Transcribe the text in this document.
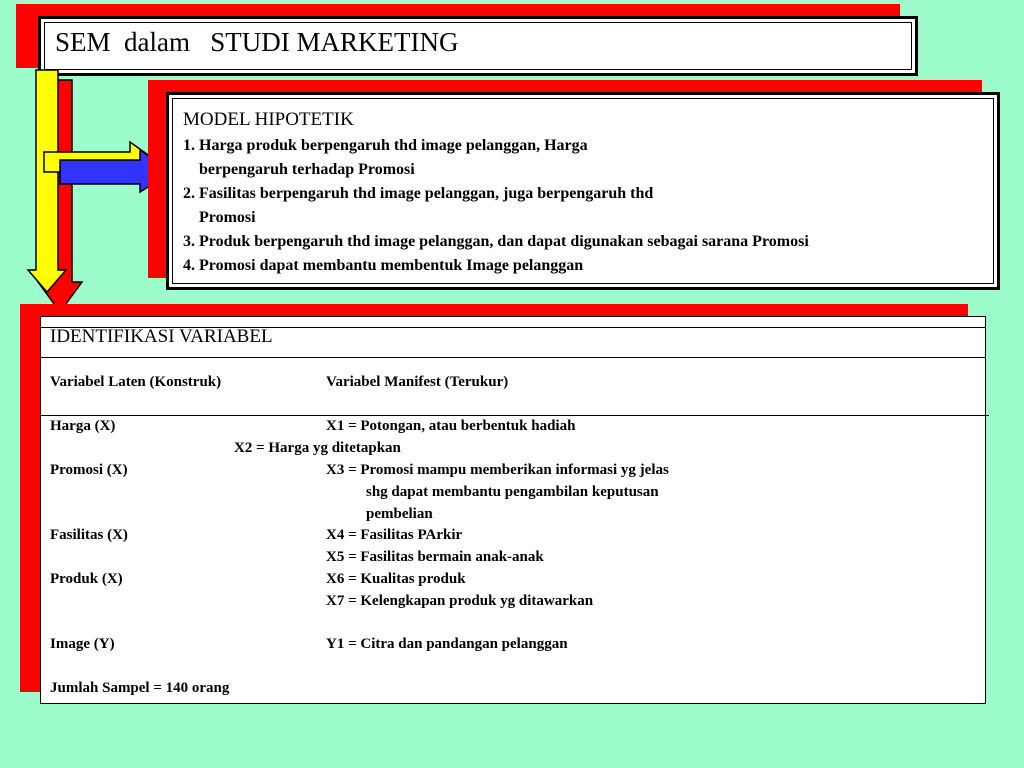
SEM  dalam   STUDI MARKETING
MODEL HIPOTETIK
1. Harga produk berpengaruh thd image pelanggan, Harga
berpengaruh terhadap Promosi
2. Fasilitas berpengaruh thd image pelanggan, juga berpengaruh thd
Promosi
3. Produk berpengaruh thd image pelanggan, dan dapat digunakan sebagai sarana Promosi
4. Promosi dapat membantu membentuk Image pelanggan
IDENTIFIKASI VARIABEL
Variabel Laten (Konstruk)	Variabel Manifest (Terukur)
Harga (X)	X1 = Potongan, atau berbentuk hadiah
X2 = Harga yg ditetapkan
Promosi (X)	X3 = Promosi mampu memberikan informasi yg jelas
shg dapat membantu pengambilan keputusan
pembelian
Fasilitas (X)	X4 = Fasilitas PArkir
X5 = Fasilitas bermain anak-anak
Produk (X)	X6 = Kualitas produk
X7 = Kelengkapan produk yg ditawarkan
Image (Y)	Y1 = Citra dan pandangan pelanggan
Jumlah Sampel = 140 orang
